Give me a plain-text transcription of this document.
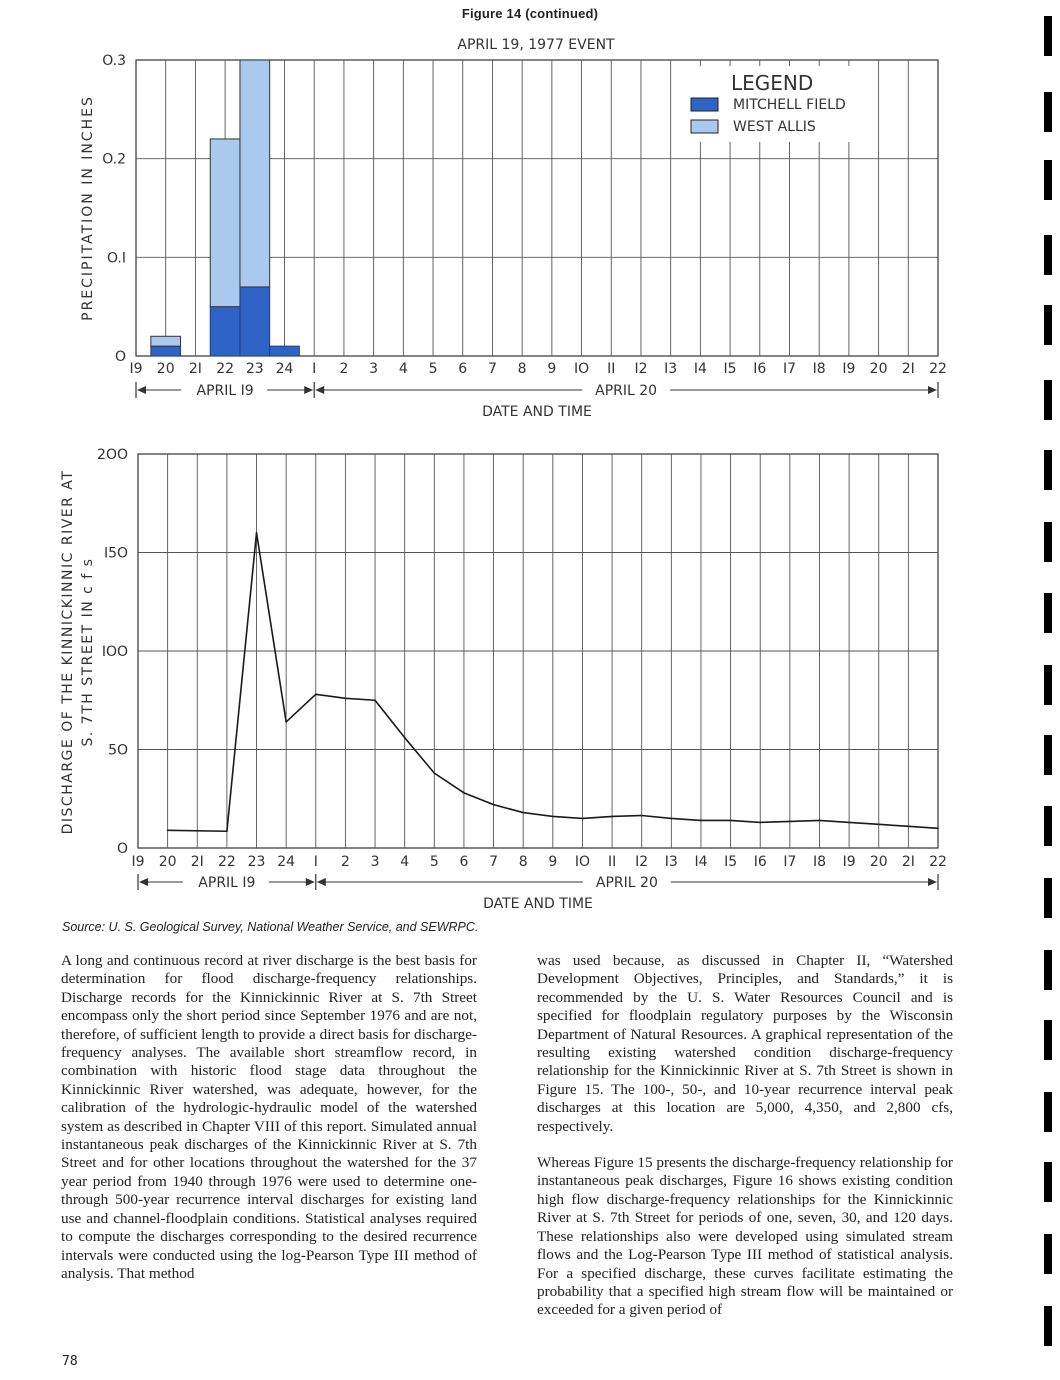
Figure 14 (continued)
APRIL 19, 1977 EVENT
O
O.I
O.2
O.3
I9 20 2I 22 23 24 I 2 3 4 5 6 7 8 9 IO II I2 I3 I4 I5 I6 I7 I8 I9 20 2I 22
APRIL I9	APRIL 20
DATE AND TIME
PRECIPITATION IN INCHES
LEGEND
MITCHELL FIELD
WEST ALLIS
O
5O
IOO
I5O
2OO
I9 20 2I 22 23 24 I 2 3 4 5 6 7 8 9 IO II I2 I3 I4 I5 I6 I7 I8 I9 20 2I 22
APRIL I9	APRIL 20
DATE AND TIME
DISCHARGE OF THE KINNICKINNIC RIVER AT S. 7TH STREET IN c f s
Source: U. S. Geological Survey, National Weather Service, and SEWRPC.

A long and continuous record at river discharge is the best basis for determination for flood discharge-frequency relationships. Discharge records for the Kinnickinnic River at S. 7th Street encompass only the short period since September 1976 and are not, therefore, of sufficient length to provide a direct basis for discharge-frequency analyses. The available short streamflow record, in combination with historic flood stage data throughout the Kinnickinnic River watershed, was adequate, however, for the calibration of the hydrologic-hydraulic model of the watershed system as described in Chapter VIII of this report. Simulated annual instantaneous peak discharges of the Kinnickinnic River at S. 7th Street and for other locations throughout the watershed for the 37 year period from 1940 through 1976 were used to determine one- through 500-year recurrence interval discharges for existing land use and channel-floodplain conditions. Statistical analyses required to compute the discharges corresponding to the desired recurrence intervals were conducted using the log-Pearson Type III method of analysis. That method

was used because, as discussed in Chapter II, “Watershed Development Objectives, Principles, and Standards,” it is recommended by the U. S. Water Resources Council and is specified for floodplain regulatory purposes by the Wisconsin Department of Natural Resources. A graphical representation of the resulting existing watershed condition discharge-frequency relationship for the Kinnickinnic River at S. 7th Street is shown in Figure 15. The 100-, 50-, and 10-year recurrence interval peak discharges at this location are 5,000, 4,350, and 2,800 cfs, respectively.

Whereas Figure 15 presents the discharge-frequency relationship for instantaneous peak discharges, Figure 16 shows existing condition high flow discharge-frequency relationships for the Kinnickinnic River at S. 7th Street for periods of one, seven, 30, and 120 days. These relationships also were developed using simulated stream flows and the Log-Pearson Type III method of statistical analysis. For a specified discharge, these curves facilitate estimating the probability that a specified high stream flow will be maintained or exceeded for a given period of

78
